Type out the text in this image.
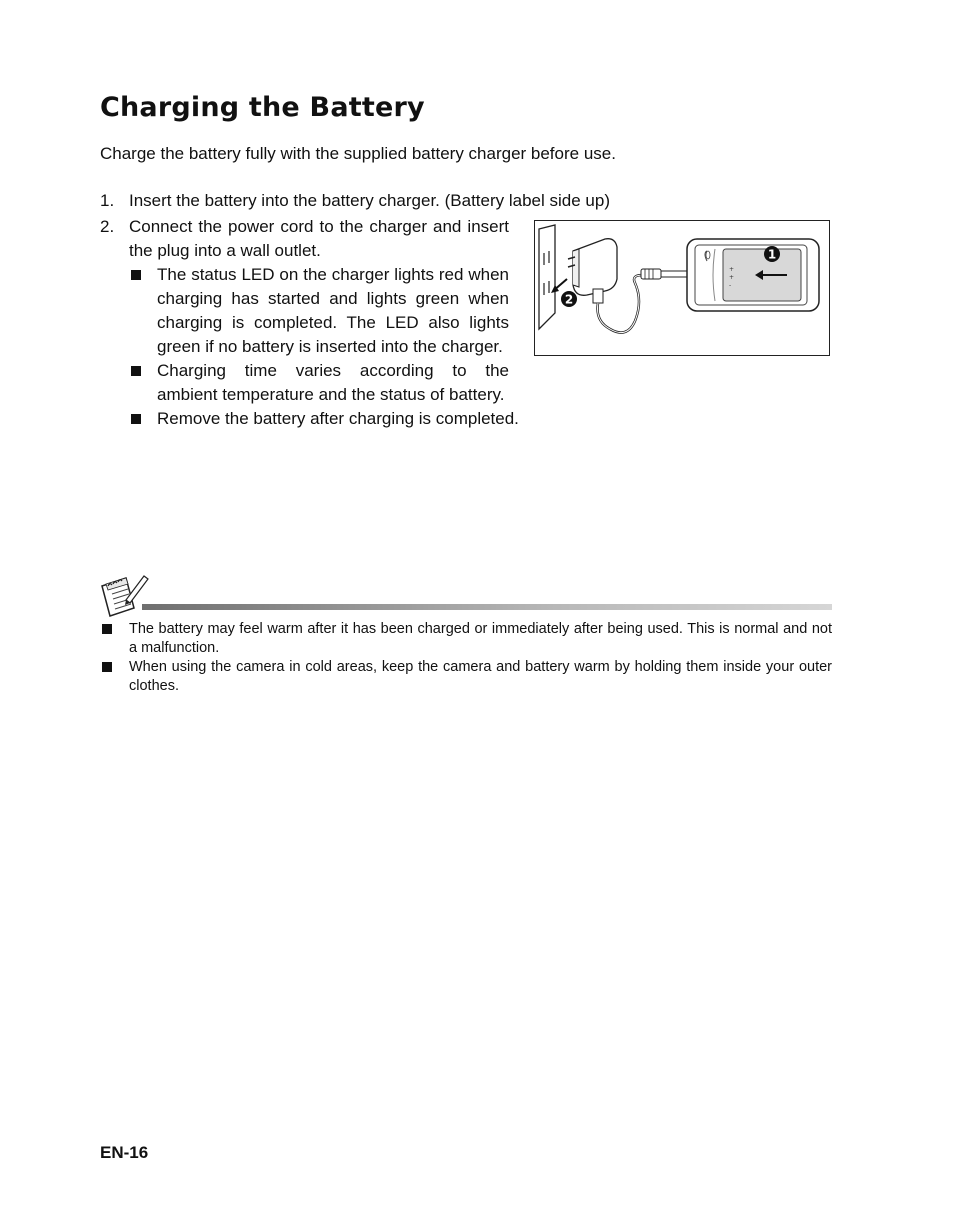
Charging the Battery

Charge the battery fully with the supplied battery charger before use.

1. Insert the battery into the battery charger. (Battery label side up)
2. Connect the power cord to the charger and insert the plug into a wall outlet.
The status LED on the charger lights red when charging has started and lights green when charging is completed. The LED also lights green if no battery is inserted into the charger.
Charging time varies according to the
ambient temperature and the status of battery.
Remove the battery after charging is completed.
+
+
-
1
2
The battery may feel warm after it has been charged or immediately after being used. This is normal and not a malfunction.
When using the camera in cold areas, keep the camera and battery warm by holding them inside your outer clothes.
EN-16
